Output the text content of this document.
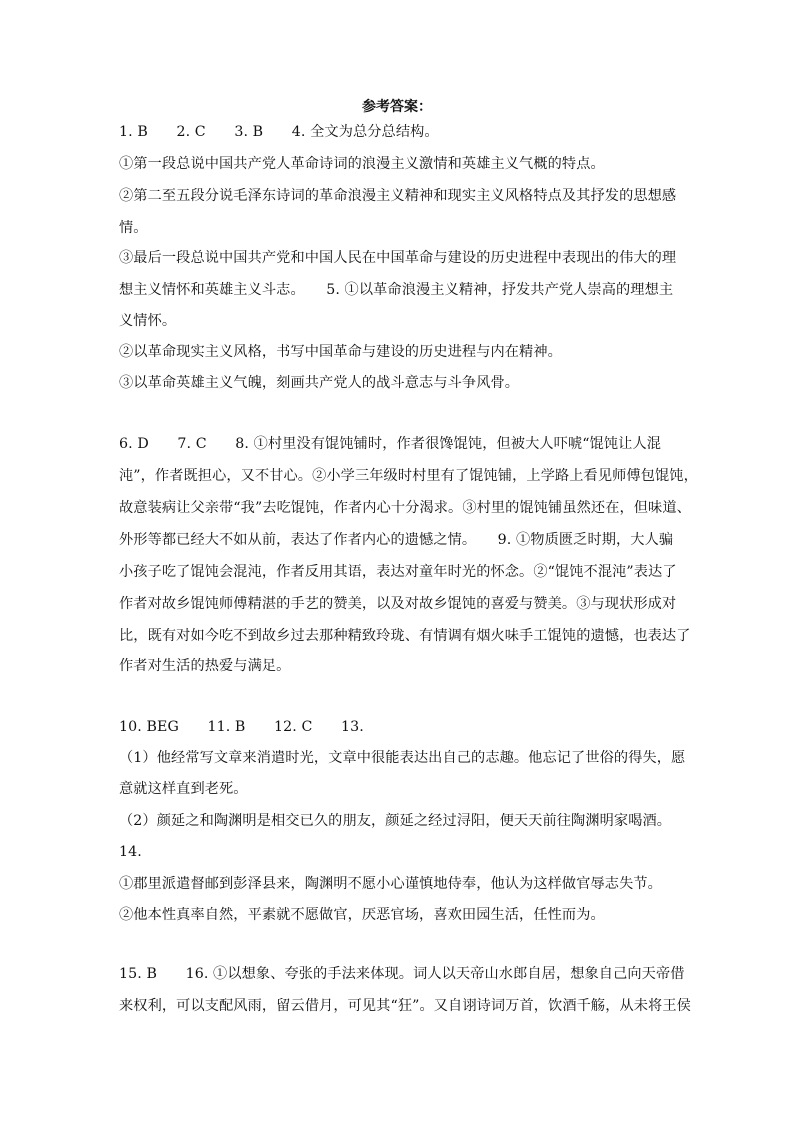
参考答案：
1. B　　2. C　　3. B　　4. 全文为总分总结构。
①第一段总说中国共产党人革命诗词的浪漫主义激情和英雄主义气概的特点。
②第二至五段分说毛泽东诗词的革命浪漫主义精神和现实主义风格特点及其抒发的思想感
情。
③最后一段总说中国共产党和中国人民在中国革命与建设的历史进程中表现出的伟大的理
想主义情怀和英雄主义斗志。　　5. ①以革命浪漫主义精神，抒发共产党人崇高的理想主
义情怀。
②以革命现实主义风格，书写中国革命与建设的历史进程与内在精神。
③以革命英雄主义气魄，刻画共产党人的战斗意志与斗争风骨。
6. D　　7. C　　8. ①村里没有馄饨铺时，作者很馋馄饨，但被大人吓唬“馄饨让人混
沌”，作者既担心，又不甘心。②小学三年级时村里有了馄饨铺，上学路上看见师傅包馄饨，
故意装病让父亲带“我”去吃馄饨，作者内心十分渴求。③村里的馄饨铺虽然还在，但味道、
外形等都已经大不如从前，表达了作者内心的遗憾之情。　　9. ①物质匮乏时期，大人骗
小孩子吃了馄饨会混沌，作者反用其语，表达对童年时光的怀念。②“馄饨不混沌”表达了
作者对故乡馄饨师傅精湛的手艺的赞美，以及对故乡馄饨的喜爱与赞美。③与现状形成对
比，既有对如今吃不到故乡过去那种精致玲珑、有情调有烟火味手工馄饨的遗憾，也表达了
作者对生活的热爱与满足。
10. BEG　　11. B　　12. C　　13.
（1）他经常写文章来消遣时光，文章中很能表达出自己的志趣。他忘记了世俗的得失，愿
意就这样直到老死。
（2）颜延之和陶渊明是相交已久的朋友，颜延之经过浔阳，便天天前往陶渊明家喝酒。
14.
①郡里派遣督邮到彭泽县来，陶渊明不愿小心谨慎地侍奉，他认为这样做官辱志失节。
②他本性真率自然，平素就不愿做官，厌恶官场，喜欢田园生活，任性而为。
15. B　　16. ①以想象、夸张的手法来体现。词人以天帝山水郎自居，想象自己向天帝借
来权利，可以支配风雨，留云借月，可见其“狂”。又自诩诗词万首，饮酒千觞，从未将王侯
